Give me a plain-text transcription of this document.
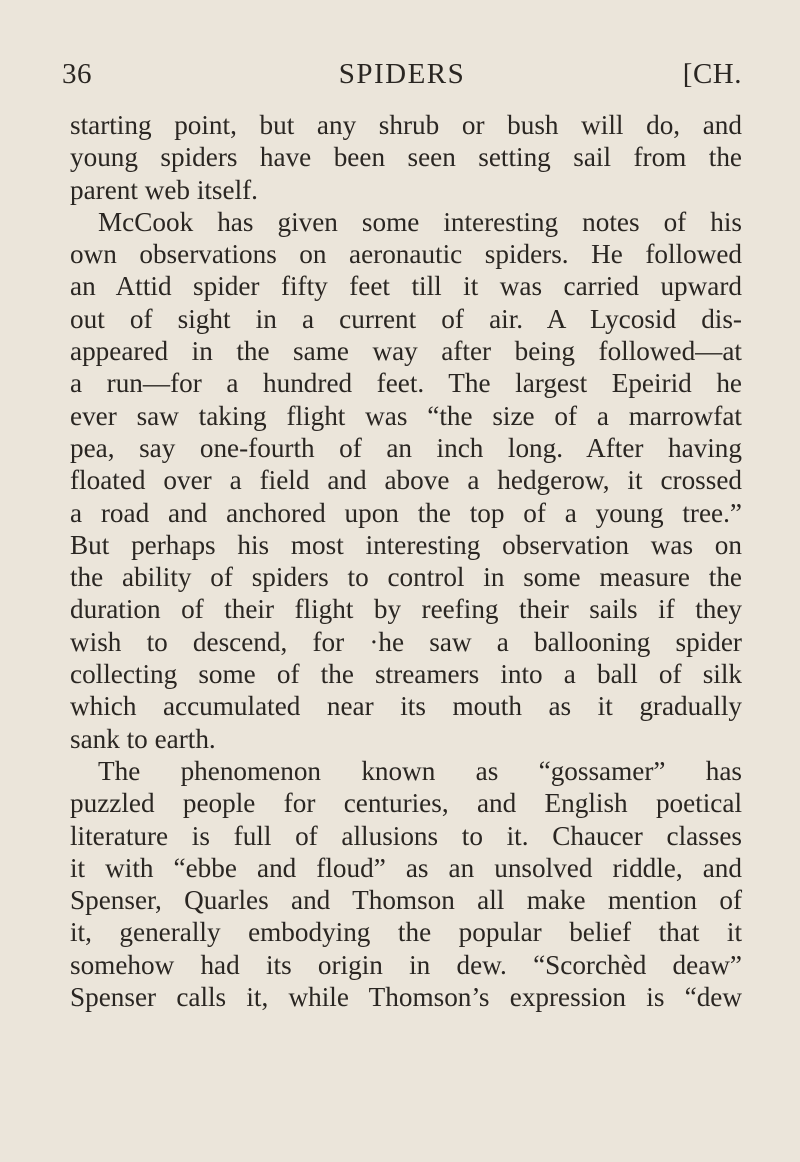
36	SPIDERS	[CH.
starting point, but any shrub or bush will do, and
young spiders have been seen setting sail from the
parent web itself.
McCook has given some interesting notes of his
own observations on aeronautic spiders. He followed
an Attid spider fifty feet till it was carried upward
out of sight in a current of air. A Lycosid dis-
appeared in the same way after being followed—at
a run—for a hundred feet. The largest Epeirid he
ever saw taking flight was “the size of a marrowfat
pea, say one-fourth of an inch long. After having
floated over a field and above a hedgerow, it crossed
a road and anchored upon the top of a young tree.”
But perhaps his most interesting observation was on
the ability of spiders to control in some measure the
duration of their flight by reefing their sails if they
wish to descend, for ·he saw a ballooning spider
collecting some of the streamers into a ball of silk
which accumulated near its mouth as it gradually
sank to earth.
The phenomenon known as “gossamer” has
puzzled people for centuries, and English poetical
literature is full of allusions to it. Chaucer classes
it with “ebbe and floud” as an unsolved riddle, and
Spenser, Quarles and Thomson all make mention of
it, generally embodying the popular belief that it
somehow had its origin in dew. “Scorchèd deaw”
Spenser calls it, while Thomson’s expression is “dew
